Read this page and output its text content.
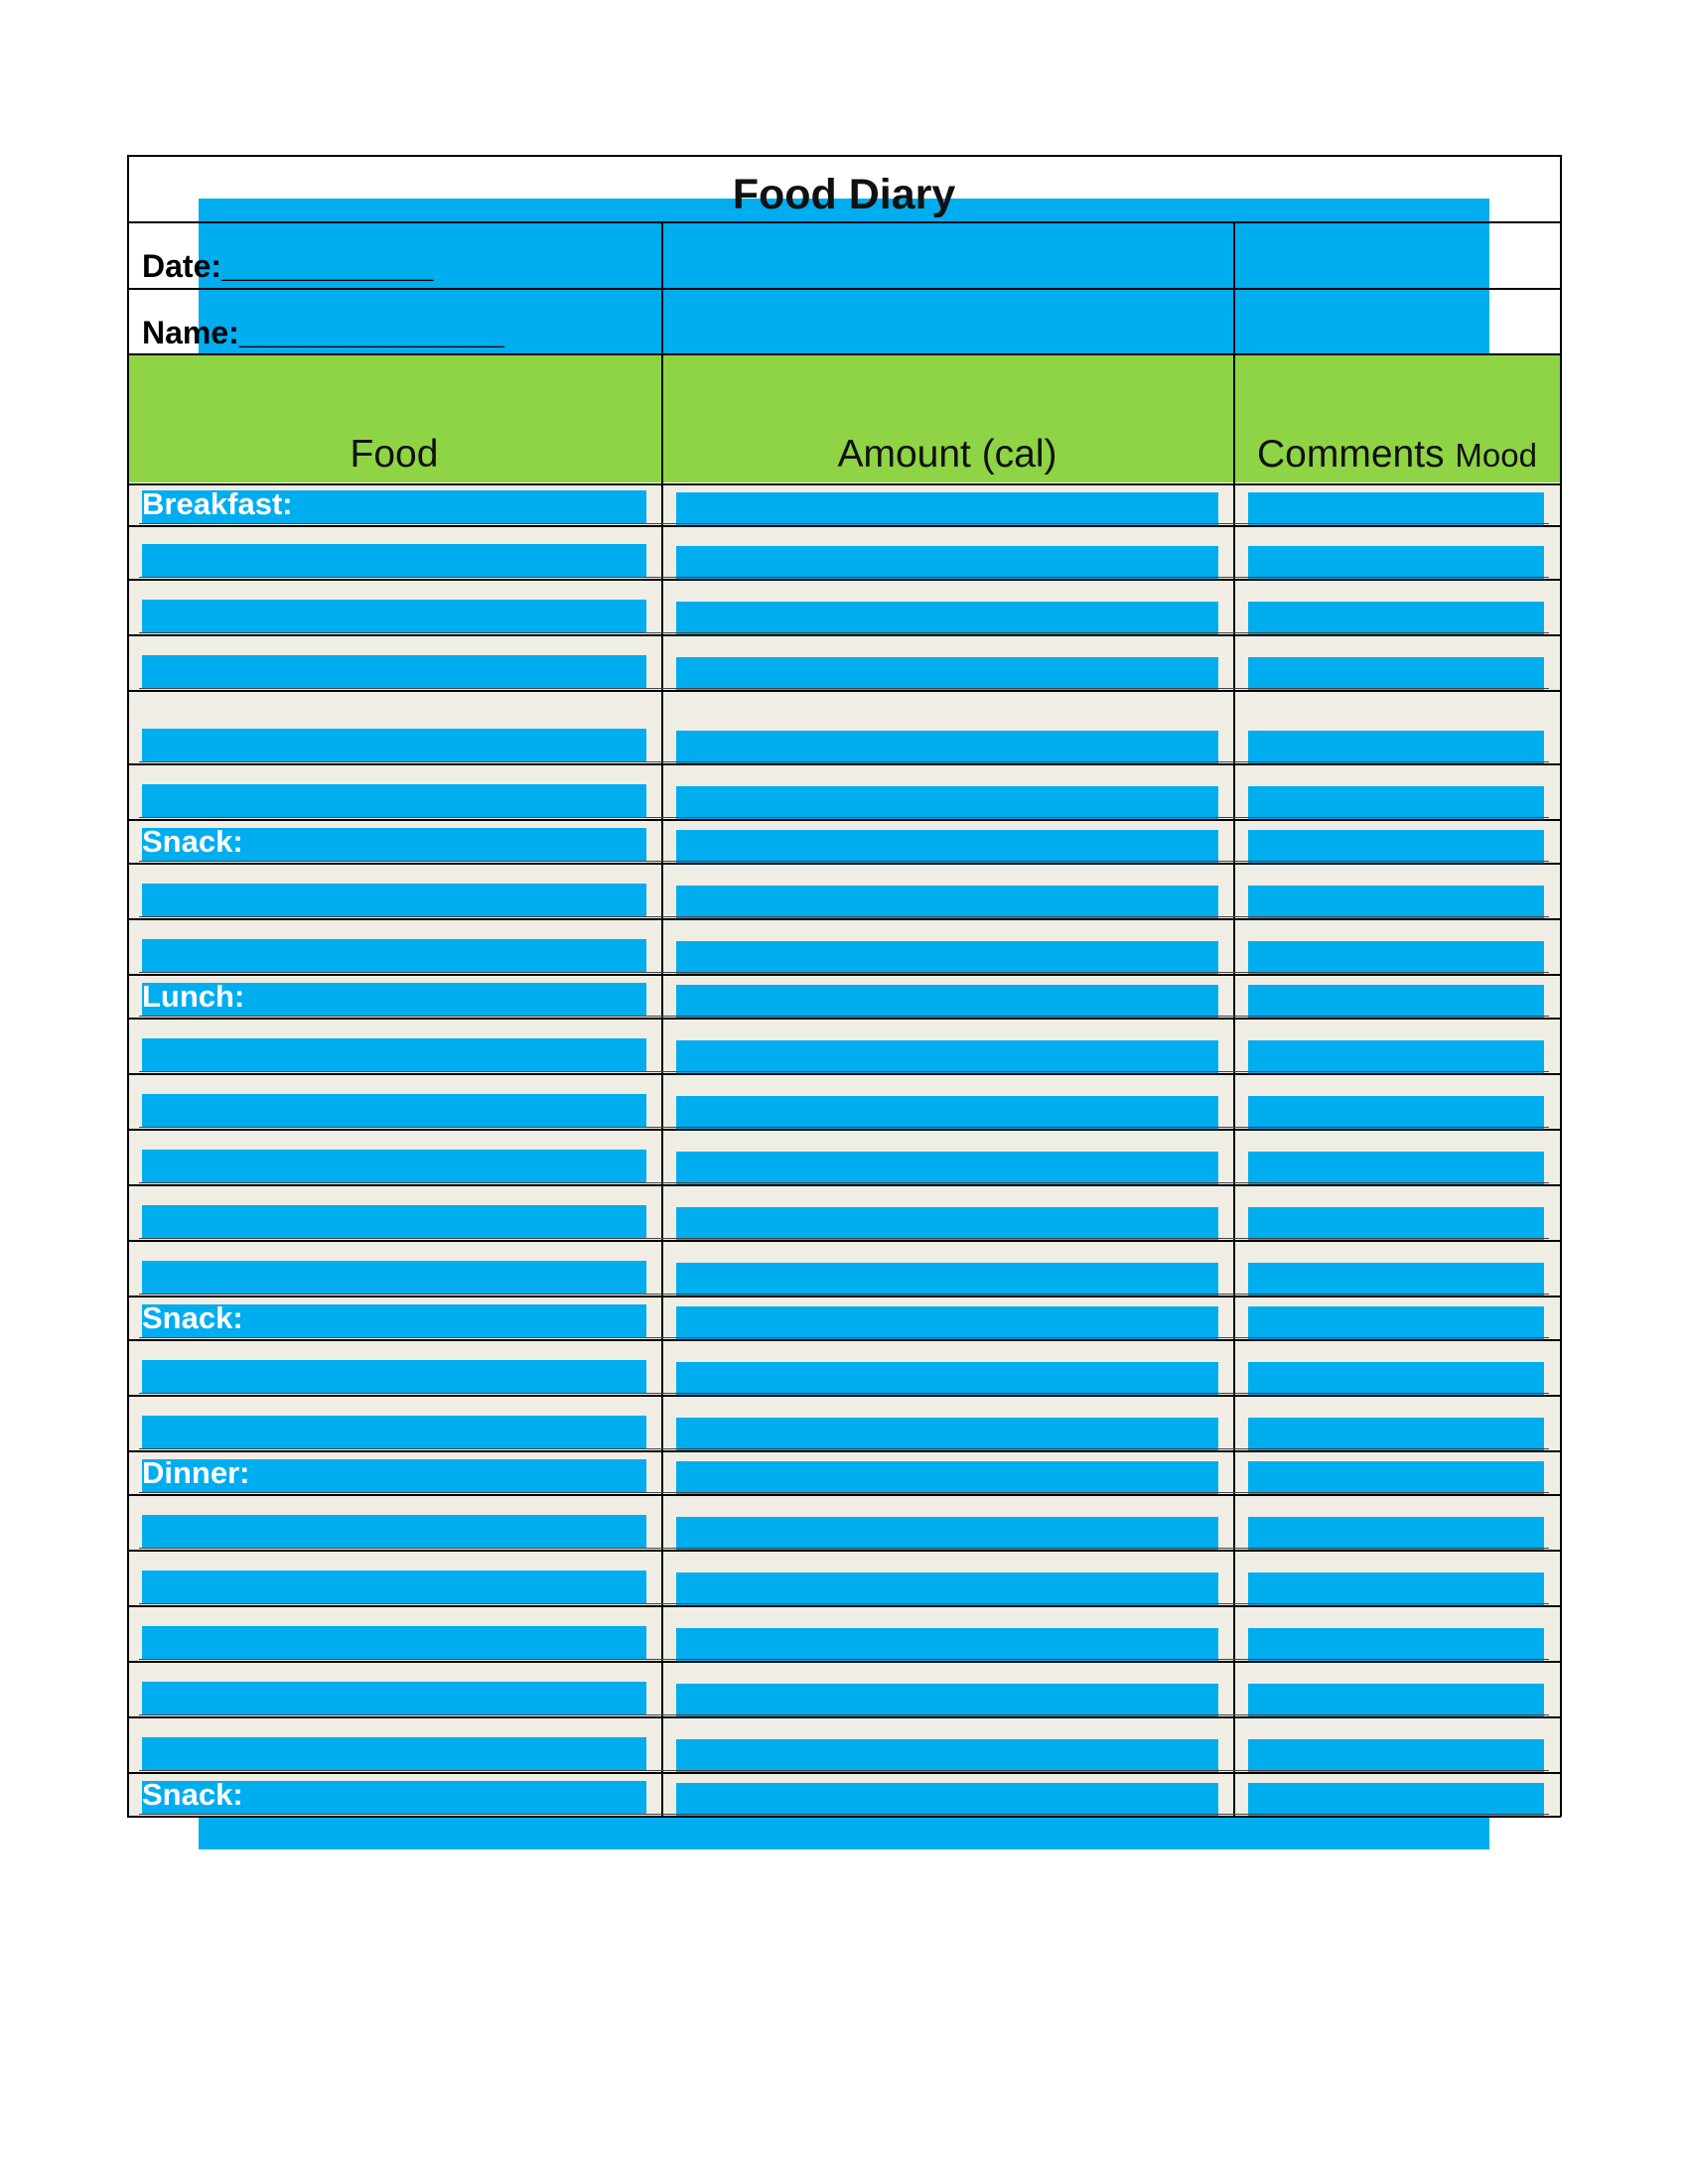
Food Diary
Date:____________
Name:_______________
Food	Amount (cal)	Comments Mood
Breakfast:
Snack:
Lunch:
Snack:
Dinner:
Snack:
